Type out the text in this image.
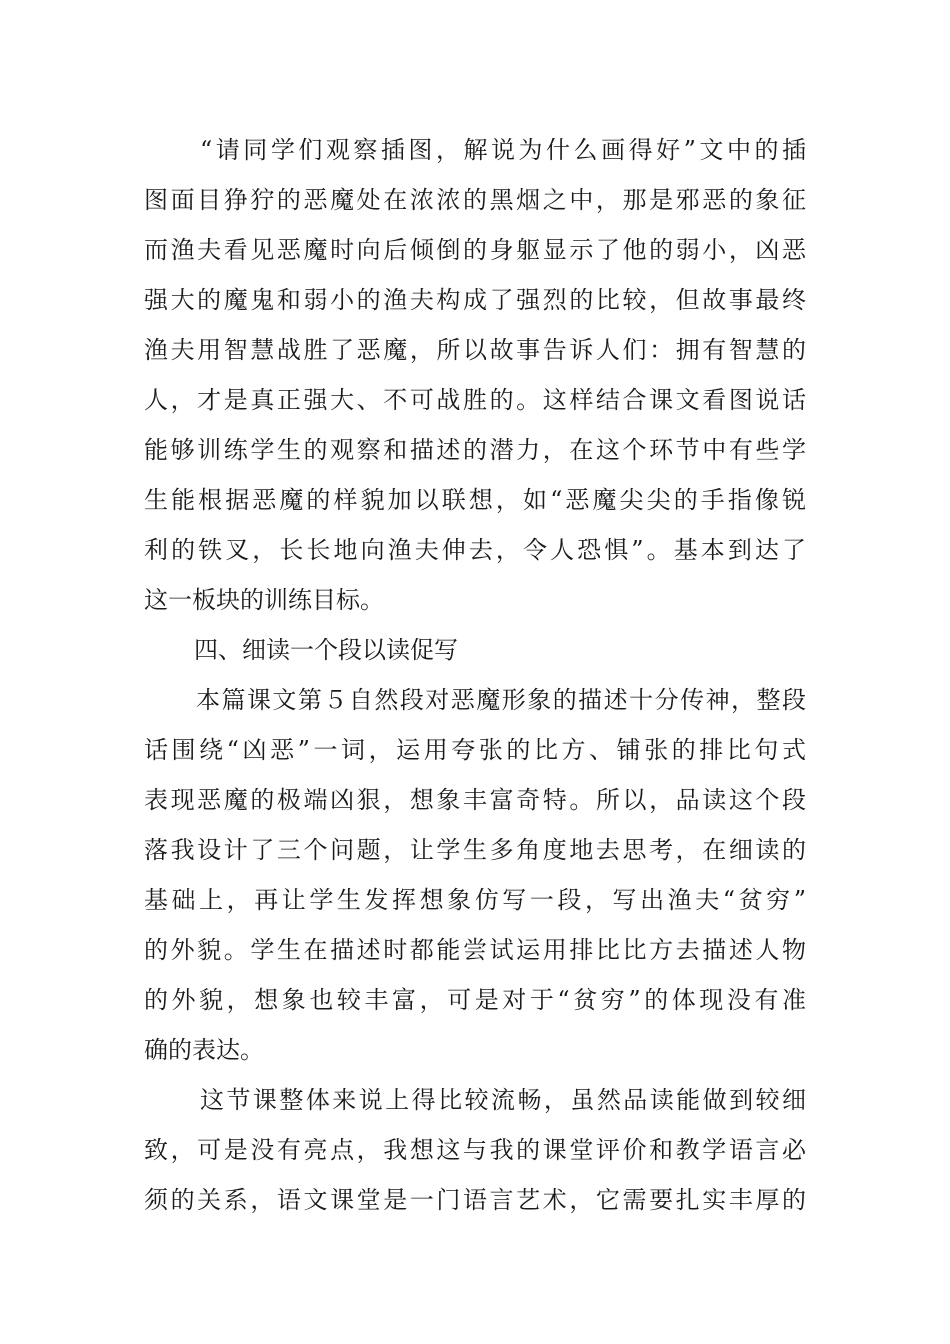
“请同学们观察插图，解说为什么画得好”文中的插
图面目狰狞的恶魔处在浓浓的黑烟之中，那是邪恶的象征
而渔夫看见恶魔时向后倾倒的身躯显示了他的弱小，凶恶
强大的魔鬼和弱小的渔夫构成了强烈的比较，但故事最终
渔夫用智慧战胜了恶魔，所以故事告诉人们：拥有智慧的
人，才是真正强大、不可战胜的。这样结合课文看图说话
能够训练学生的观察和描述的潜力，在这个环节中有些学
生能根据恶魔的样貌加以联想，如“恶魔尖尖的手指像锐
利的铁叉，长长地向渔夫伸去，令人恐惧”。基本到达了
这一板块的训练目标。
四、细读一个段以读促写
本篇课文第５自然段对恶魔形象的描述十分传神，整段
话围绕“凶恶”一词，运用夸张的比方、铺张的排比句式
表现恶魔的极端凶狠，想象丰富奇特。所以，品读这个段
落我设计了三个问题，让学生多角度地去思考，在细读的
基础上，再让学生发挥想象仿写一段，写出渔夫“贫穷”
的外貌。学生在描述时都能尝试运用排比比方去描述人物
的外貌，想象也较丰富，可是对于“贫穷”的体现没有准
确的表达。
这节课整体来说上得比较流畅，虽然品读能做到较细
致，可是没有亮点，我想这与我的课堂评价和教学语言必
须的关系，语文课堂是一门语言艺术，它需要扎实丰厚的
